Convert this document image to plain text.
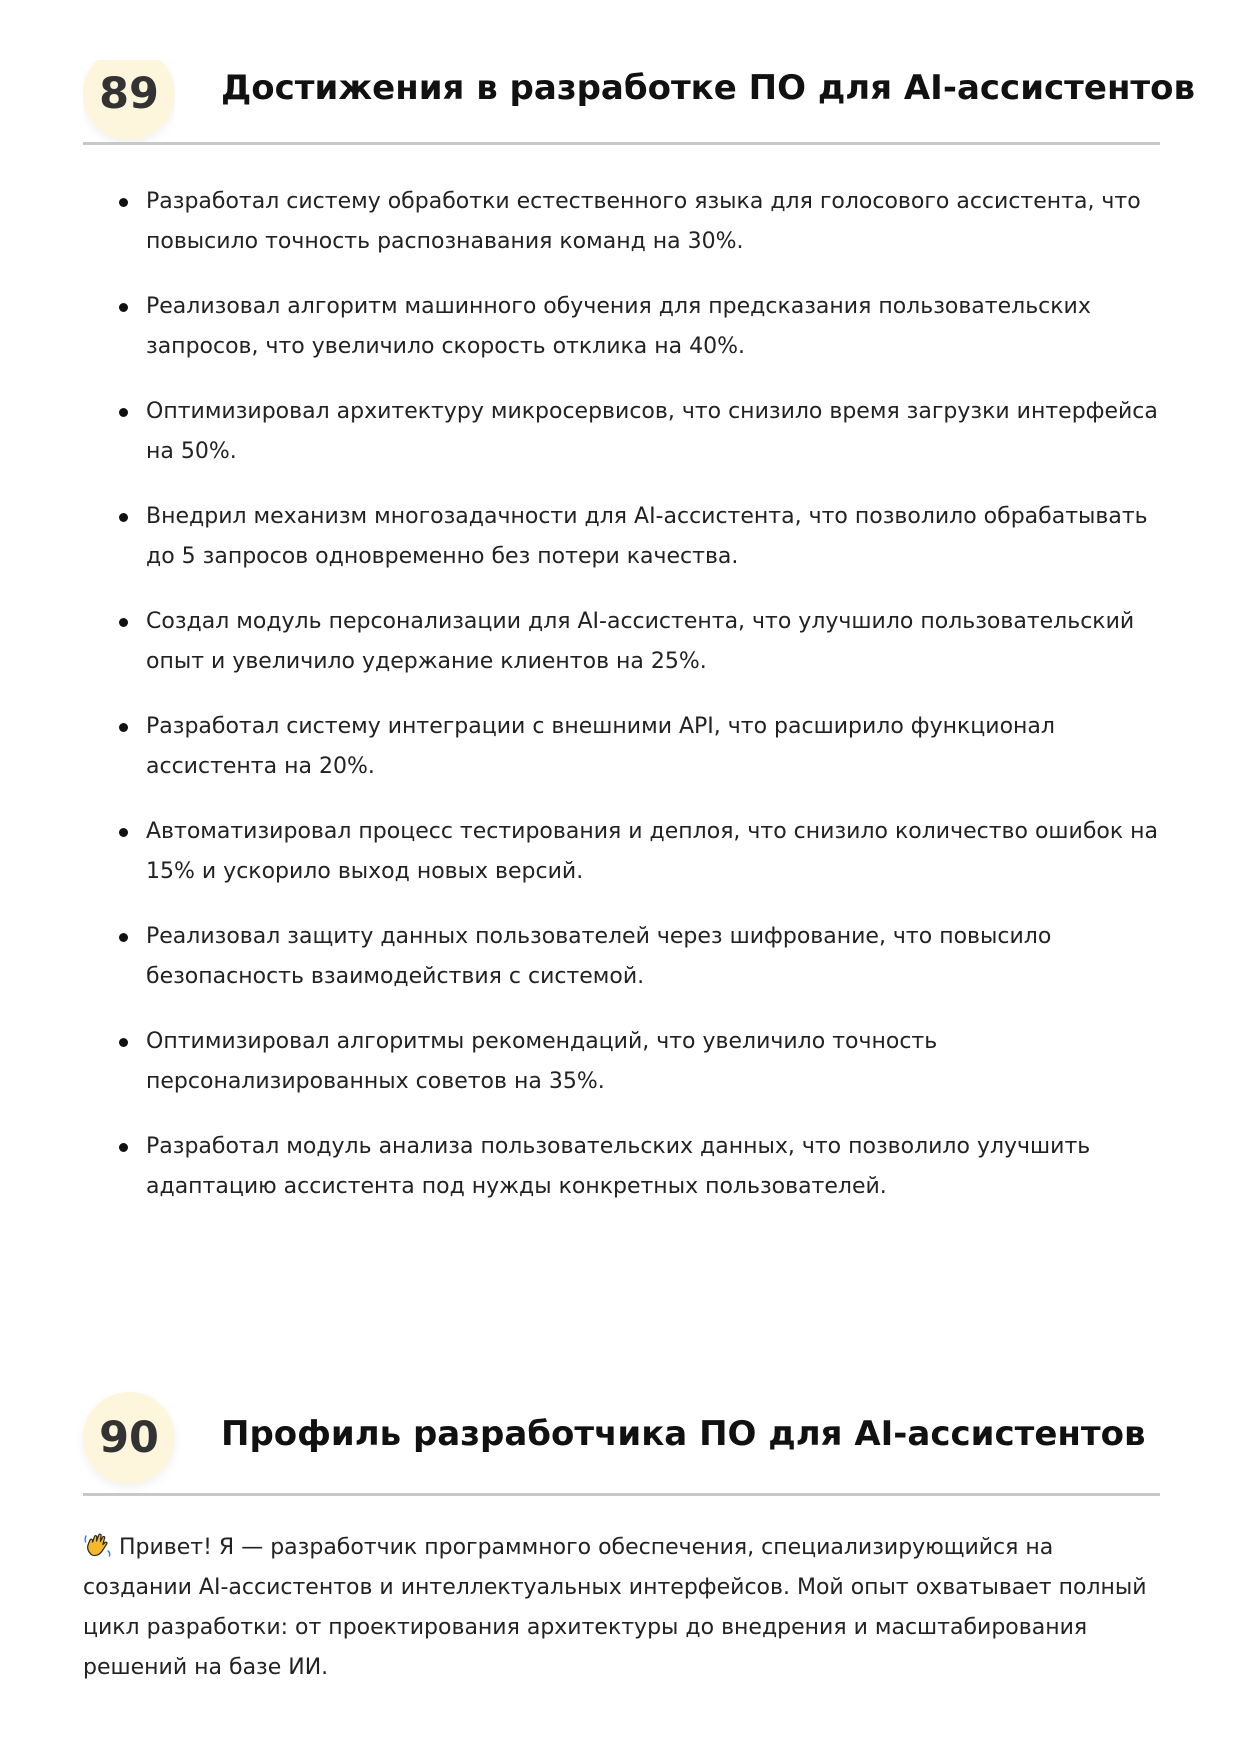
89	Достижения в разработке ПО для AI-ассистентов
Разработал систему обработки естественного языка для голосового ассистента, что повысило точность распознавания команд на 30%.
Реализовал алгоритм машинного обучения для предсказания пользовательских запросов, что увеличило скорость отклика на 40%.
Оптимизировал архитектуру микросервисов, что снизило время загрузки интерфейса на 50%.
Внедрил механизм многозадачности для AI-ассистента, что позволило обрабатывать до 5 запросов одновременно без потери качества.
Создал модуль персонализации для AI-ассистента, что улучшило пользовательский опыт и увеличило удержание клиентов на 25%.
Разработал систему интеграции с внешними API, что расширило функционал ассистента на 20%.
Автоматизировал процесс тестирования и деплоя, что снизило количество ошибок на 15% и ускорило выход новых версий.
Реализовал защиту данных пользователей через шифрование, что повысило безопасность взаимодействия с системой.
Оптимизировал алгоритмы рекомендаций, что увеличило точность персонализированных советов на 35%.
Разработал модуль анализа пользовательских данных, что позволило улучшить адаптацию ассистента под нужды конкретных пользователей.
90	Профиль разработчика ПО для AI-ассистентов
Привет! Я — разработчик программного обеспечения, специализирующийся на создании AI-ассистентов и интеллектуальных интерфейсов. Мой опыт охватывает полный цикл разработки: от проектирования архитектуры до внедрения и масштабирования решений на базе ИИ.
